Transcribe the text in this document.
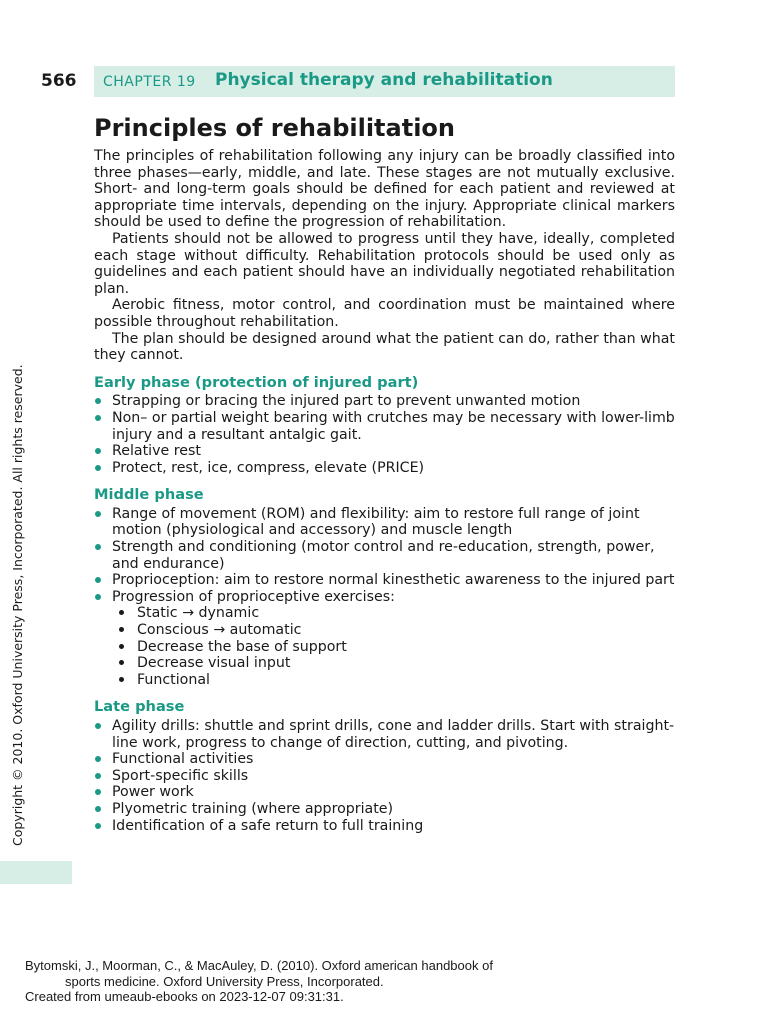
566 CHAPTER 19 Physical therapy and rehabilitation
Principles of rehabilitation

The principles of rehabilitation following any injury can be broadly classified into three phases—early, middle, and late. These stages are not mutually exclusive. Short- and long-term goals should be defined for each patient and reviewed at appropriate time intervals, depending on the injury. Appropriate clinical markers should be used to define the progression of rehabilitation.

Patients should not be allowed to progress until they have, ideally, completed each stage without difficulty. Rehabilitation protocols should be used only as guidelines and each patient should have an individually negotiated rehabilitation plan.

Aerobic fitness, motor control, and coordination must be maintained where possible throughout rehabilitation.

The plan should be designed around what the patient can do, rather than what they cannot.

Early phase (protection of injured part)
Strapping or bracing the injured part to prevent unwanted motion
Non– or partial weight bearing with crutches may be necessary with lower-limb injury and a resultant antalgic gait.
Relative rest
Protect, rest, ice, compress, elevate (PRICE)
Middle phase
Range of movement (ROM) and flexibility: aim to restore full range of joint motion (physiological and accessory) and muscle length
Strength and conditioning (motor control and re-education, strength, power, and endurance)
Proprioception: aim to restore normal kinesthetic awareness to the injured part
Progression of proprioceptive exercises:
Static → dynamic
Conscious → automatic
Decrease the base of support
Decrease visual input
Functional
Late phase
Agility drills: shuttle and sprint drills, cone and ladder drills. Start with straight-line work, progress to change of direction, cutting, and pivoting.
Functional activities
Sport-specific skills
Power work
Plyometric training (where appropriate)
Identification of a safe return to full training
Copyright © 2010. Oxford University Press, Incorporated. All rights reserved.
Bytomski, J., Moorman, C., & MacAuley, D. (2010). Oxford american handbook of
sports medicine. Oxford University Press, Incorporated.
Created from umeaub-ebooks on 2023-12-07 09:31:31.
